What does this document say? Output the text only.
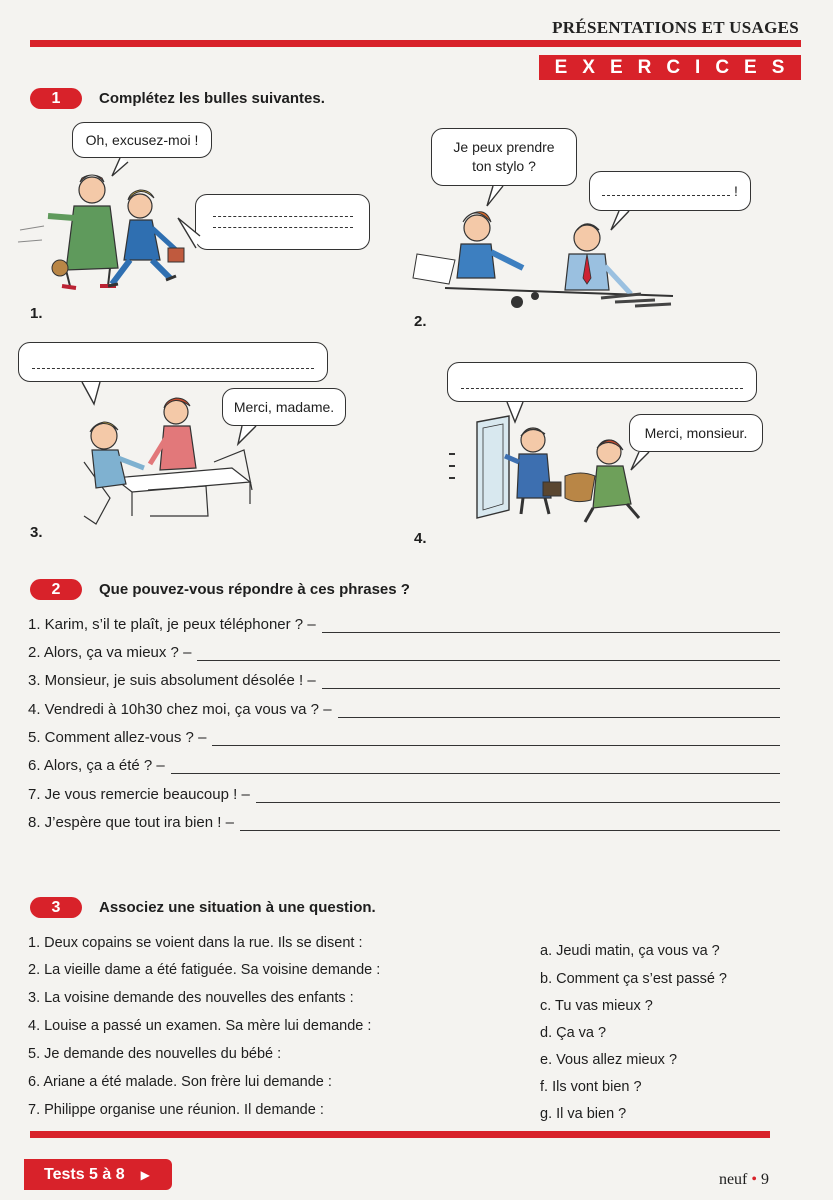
PRÉSENTATIONS ET USAGES
EXERCICES
1	Complétez les bulles suivantes.
Oh, excusez-moi !
1.
Je peux prendre
ton stylo ?
!
2.
Merci, madame.
3.
Merci, monsieur.
4.
2	Que pouvez-vous répondre à ces phrases ?
1. Karim, s’il te plaît, je peux téléphoner ? –
2. Alors, ça va mieux ? –
3. Monsieur, je suis absolument désolée ! –
4. Vendredi à 10h30 chez moi, ça vous va ? –
5. Comment allez-vous ? –
6. Alors, ça a été ? –
7. Je vous remercie beaucoup ! –
8. J’espère que tout ira bien ! –
3	Associez une situation à une question.
1. Deux copains se voient dans la rue. Ils se disent :
2. La vieille dame a été fatiguée. Sa voisine demande :
3. La voisine demande des nouvelles des enfants :
4. Louise a passé un examen. Sa mère lui demande :
5. Je demande des nouvelles du bébé :
6. Ariane a été malade. Son frère lui demande :
7. Philippe organise une réunion. Il demande :
a. Jeudi matin, ça vous va ?
b. Comment ça s’est passé ?
c. Tu vas mieux ?
d. Ça va ?
e. Vous allez mieux ?
f. Ils vont bien ?
g. Il va bien ?
Tests 5 à 8 ▶	neuf • 9
